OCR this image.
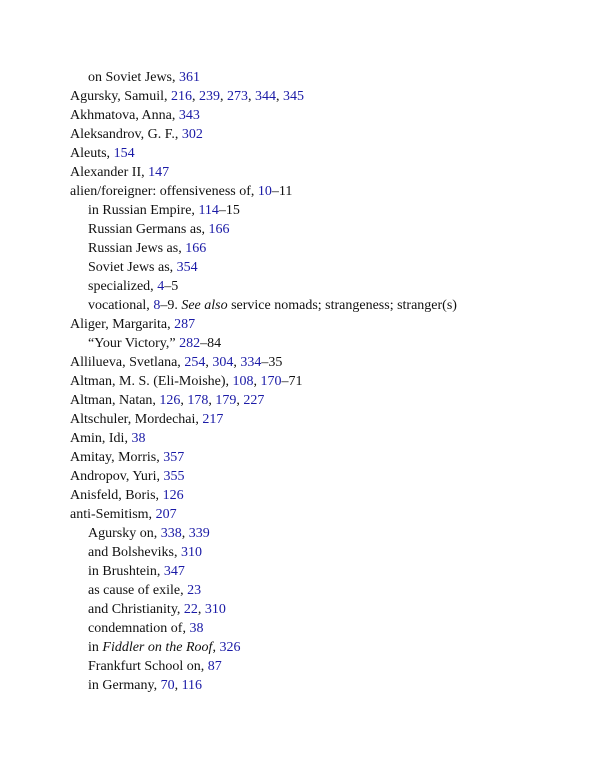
on Soviet Jews, 361
Agursky, Samuil, 216, 239, 273, 344, 345
Akhmatova, Anna, 343
Aleksandrov, G. F., 302
Aleuts, 154
Alexander II, 147
alien/foreigner: offensiveness of, 10–11
in Russian Empire, 114–15
Russian Germans as, 166
Russian Jews as, 166
Soviet Jews as, 354
specialized, 4–5
vocational, 8–9. See also service nomads; strangeness; stranger(s)
Aliger, Margarita, 287
“Your Victory,” 282–84
Allilueva, Svetlana, 254, 304, 334–35
Altman, M. S. (Eli-Moishe), 108, 170–71
Altman, Natan, 126, 178, 179, 227
Altschuler, Mordechai, 217
Amin, Idi, 38
Amitay, Morris, 357
Andropov, Yuri, 355
Anisfeld, Boris, 126
anti-Semitism, 207
Agursky on, 338, 339
and Bolsheviks, 310
in Brushtein, 347
as cause of exile, 23
and Christianity, 22, 310
condemnation of, 38
in Fiddler on the Roof, 326
Frankfurt School on, 87
in Germany, 70, 116
